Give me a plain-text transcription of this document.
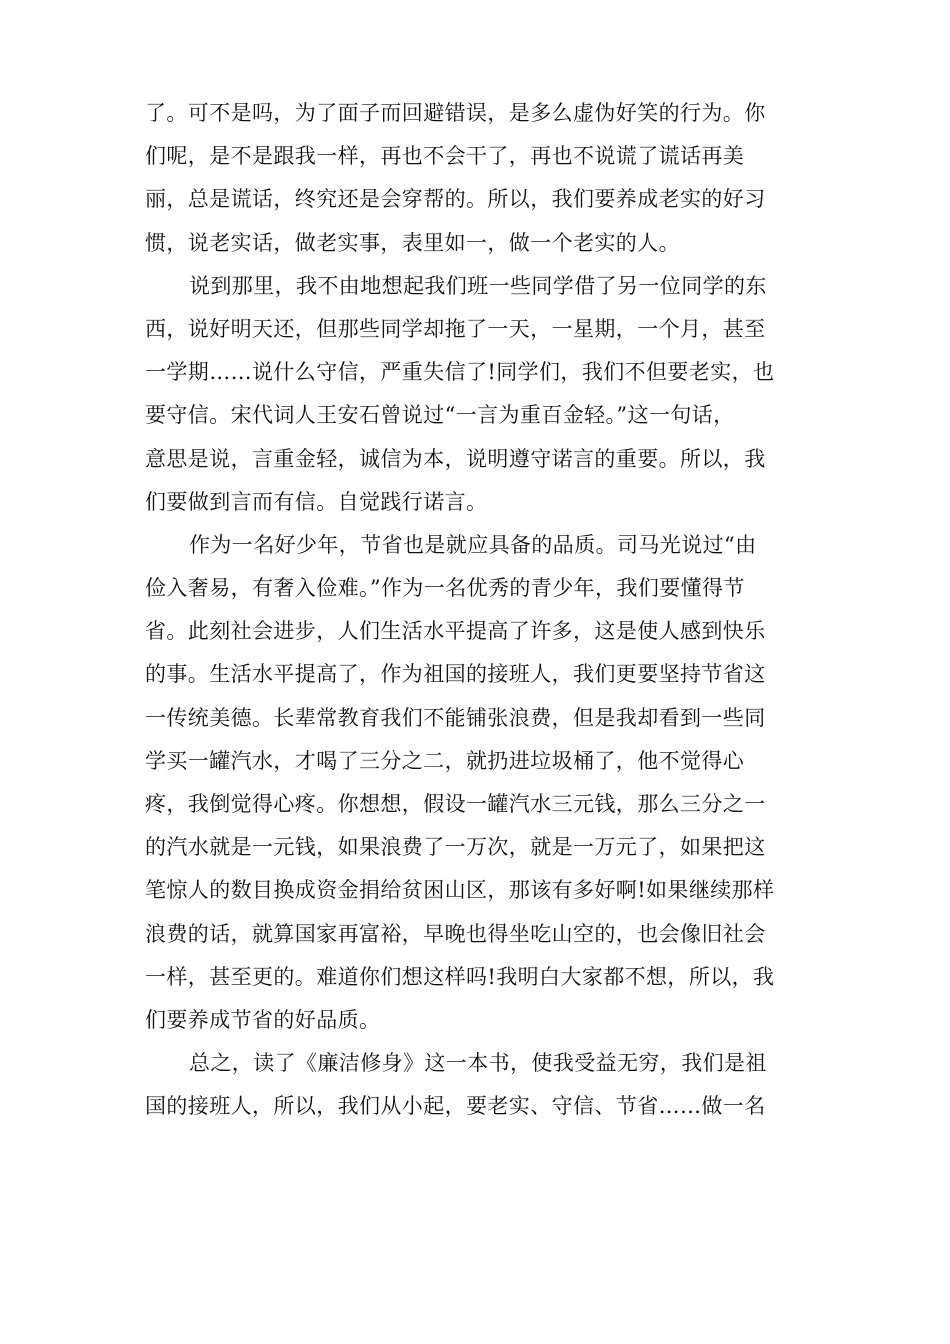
了。可不是吗，为了面子而回避错误，是多么虚伪好笑的行为。你
们呢，是不是跟我一样，再也不会干了，再也不说谎了谎话再美
丽，总是谎话，终究还是会穿帮的。所以，我们要养成老实的好习
惯，说老实话，做老实事，表里如一，做一个老实的人。
说到那里，我不由地想起我们班一些同学借了另一位同学的东
西，说好明天还，但那些同学却拖了一天，一星期，一个月，甚至
一学期……说什么守信，严重失信了!同学们，我们不但要老实，也
要守信。宋代词人王安石曾说过“一言为重百金轻。”这一句话，
意思是说，言重金轻，诚信为本，说明遵守诺言的重要。所以，我
们要做到言而有信。自觉践行诺言。
作为一名好少年，节省也是就应具备的品质。司马光说过“由
俭入奢易，有奢入俭难。”作为一名优秀的青少年，我们要懂得节
省。此刻社会进步，人们生活水平提高了许多，这是使人感到快乐
的事。生活水平提高了，作为祖国的接班人，我们更要坚持节省这
一传统美德。长辈常教育我们不能铺张浪费，但是我却看到一些同
学买一罐汽水，才喝了三分之二，就扔进垃圾桶了，他不觉得心
疼，我倒觉得心疼。你想想，假设一罐汽水三元钱，那么三分之一
的汽水就是一元钱，如果浪费了一万次，就是一万元了，如果把这
笔惊人的数目换成资金捐给贫困山区，那该有多好啊!如果继续那样
浪费的话，就算国家再富裕，早晚也得坐吃山空的，也会像旧社会
一样，甚至更的。难道你们想这样吗!我明白大家都不想，所以，我
们要养成节省的好品质。
总之，读了《廉洁修身》这一本书，使我受益无穷，我们是祖
国的接班人，所以，我们从小起，要老实、守信、节省……做一名
